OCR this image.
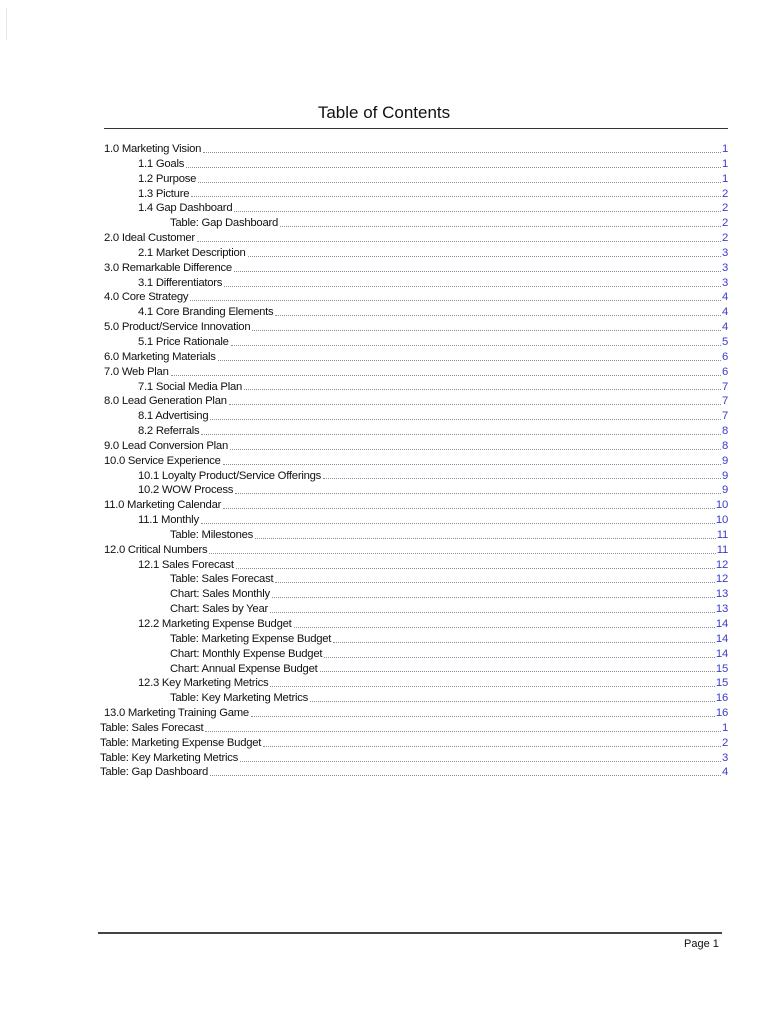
Table of Contents
1.0 Marketing Vision	1
1.1 Goals	1
1.2 Purpose	1
1.3 Picture	2
1.4 Gap Dashboard	2
Table: Gap Dashboard	2
2.0 Ideal Customer	2
2.1 Market Description	3
3.0 Remarkable Difference	3
3.1 Differentiators	3
4.0 Core Strategy	4
4.1 Core Branding Elements	4
5.0 Product/Service Innovation	4
5.1 Price Rationale	5
6.0 Marketing Materials	6
7.0 Web Plan	6
7.1 Social Media Plan	7
8.0 Lead Generation Plan	7
8.1 Advertising	7
8.2 Referrals	8
9.0 Lead Conversion Plan	8
10.0 Service Experience	9
10.1 Loyalty Product/Service Offerings	9
10.2 WOW Process	9
11.0 Marketing Calendar	10
11.1 Monthly	10
Table: Milestones	11
12.0 Critical Numbers	11
12.1 Sales Forecast	12
Table: Sales Forecast	12
Chart: Sales Monthly	13
Chart: Sales by Year	13
12.2 Marketing Expense Budget	14
Table: Marketing Expense Budget	14
Chart: Monthly Expense Budget	14
Chart: Annual Expense Budget	15
12.3 Key Marketing Metrics	15
Table: Key Marketing Metrics	16
13.0 Marketing Training Game	16
Table: Sales Forecast	1
Table: Marketing Expense Budget	2
Table: Key Marketing Metrics	3
Table: Gap Dashboard	4
Page 1
